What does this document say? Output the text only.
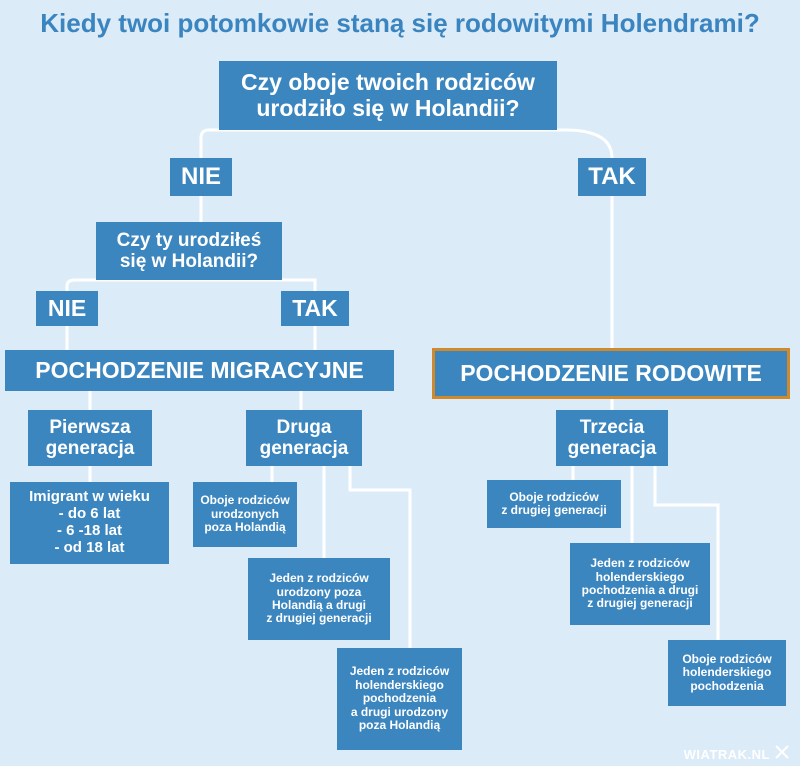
Kiedy twoi potomkowie staną się rodowitymi Holendrami?
Czy oboje twoich rodziców
urodziło się w Holandii?
NIE	TAK
Czy ty urodziłeś
się w Holandii?
NIE	TAK
POCHODZENIE MIGRACYJNE	POCHODZENIE RODOWITE
Pierwsza
generacja
Druga
generacja
Trzecia
generacja
Imigrant w wieku
- do 6 lat
- 6 -18 lat
- od 18 lat
Oboje rodziców
urodzonych
poza Holandią
Jeden z rodziców
urodzony poza
Holandią a drugi
z drugiej generacji
Jeden z rodziców
holenderskiego
pochodzenia
a drugi urodzony
poza Holandią
Oboje rodziców
z drugiej generacji
Jeden z rodziców
holenderskiego
pochodzenia a drugi
z drugiej generacji
Oboje rodziców
holenderskiego
pochodzenia
WIATRAK.NL
